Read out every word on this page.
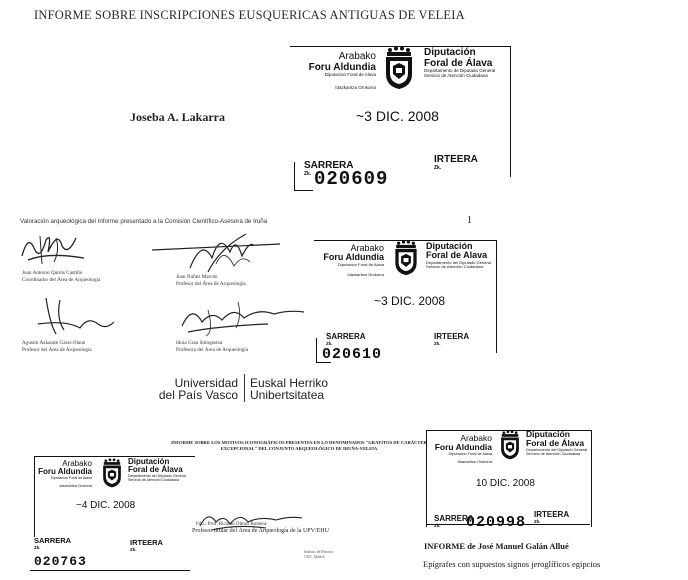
INFORME SOBRE INSCRIPCIONES EUSQUERICAS ANTIGUAS DE VELEIA
Joseba A. Lakarra
Arabako
Foru Aldundia
Diputacion Foral de Alava
Idazkaritza Orokorra
Diputación
Foral de Álava
Departamento de Diputado General
Servicio de Atención Ciudadana
~3 DIC. 2008
SARRERA
Zk.
IRTEERA
Zk.
020609
Valoración arqueológica del Informe presentado a la Comisión Científico-Asesora de Iruña	1
Juan Antonio Quirós Castillo
Coordinador del Área de Arqueología	Juan Núñez Marcén
Profesor del Área de Arqueología
Agustín Azkarate Garai-Olaun
Profesor del Área de Arqueología
Idoia Grau Sologestoa
Profesora del Área de Arqueología
Universidad
del País Vasco
Euskal Herriko
Unibertsitatea
Arabako
Foru Aldundia
Diputacion Foral de Alava
Idazkaritza Orokorra
Diputación
Foral de Alava
Departamento del Diputado General
Servicio de Atención Ciudadana
~3 DIC. 2008
SARRERA
Zk.
IRTEERA
Zk.
020610
INFORME SOBRE LOS MOTIVOS ICONOGRÁFICOS PRESENTES EN LO DENOMINADOS "GRAFITOS DE CARÁCTER EXCEPCIONAL" DEL CONJUNTO ARQUEOLÓGICO DE IRUÑA-VELEIA
Fdo.: Prof. Ricardo Olmos Romera
Profesor titular del Área de Arqueología de la UPV/EHU
Instituto de Historia
CSIC, Madrid
Arabako
Foru Aldundia
Diputacion Foral de Alava
Idazkaritza Orokorra
Diputación
Foral de Álava
Departamento del Diputado General
Servicio de Atención Ciudadana
~4 DIC. 2008
SARRERA
Zk.
IRTEERA
Zk.
020763
Arabako
Foru Aldundia
Diputacion Foral de Alava
Idazkaritza Orokorra
Diputación
Foral de Álava
Departamento del Diputado General
Servicio de Atención Ciudadana
10 DIC. 2008
SARRERA
Zk.
IRTEERA
Zk.
020998
INFORME de José Manuel Galán Allué
Epígrafes con supuestos signos jeroglíficos egipcios
